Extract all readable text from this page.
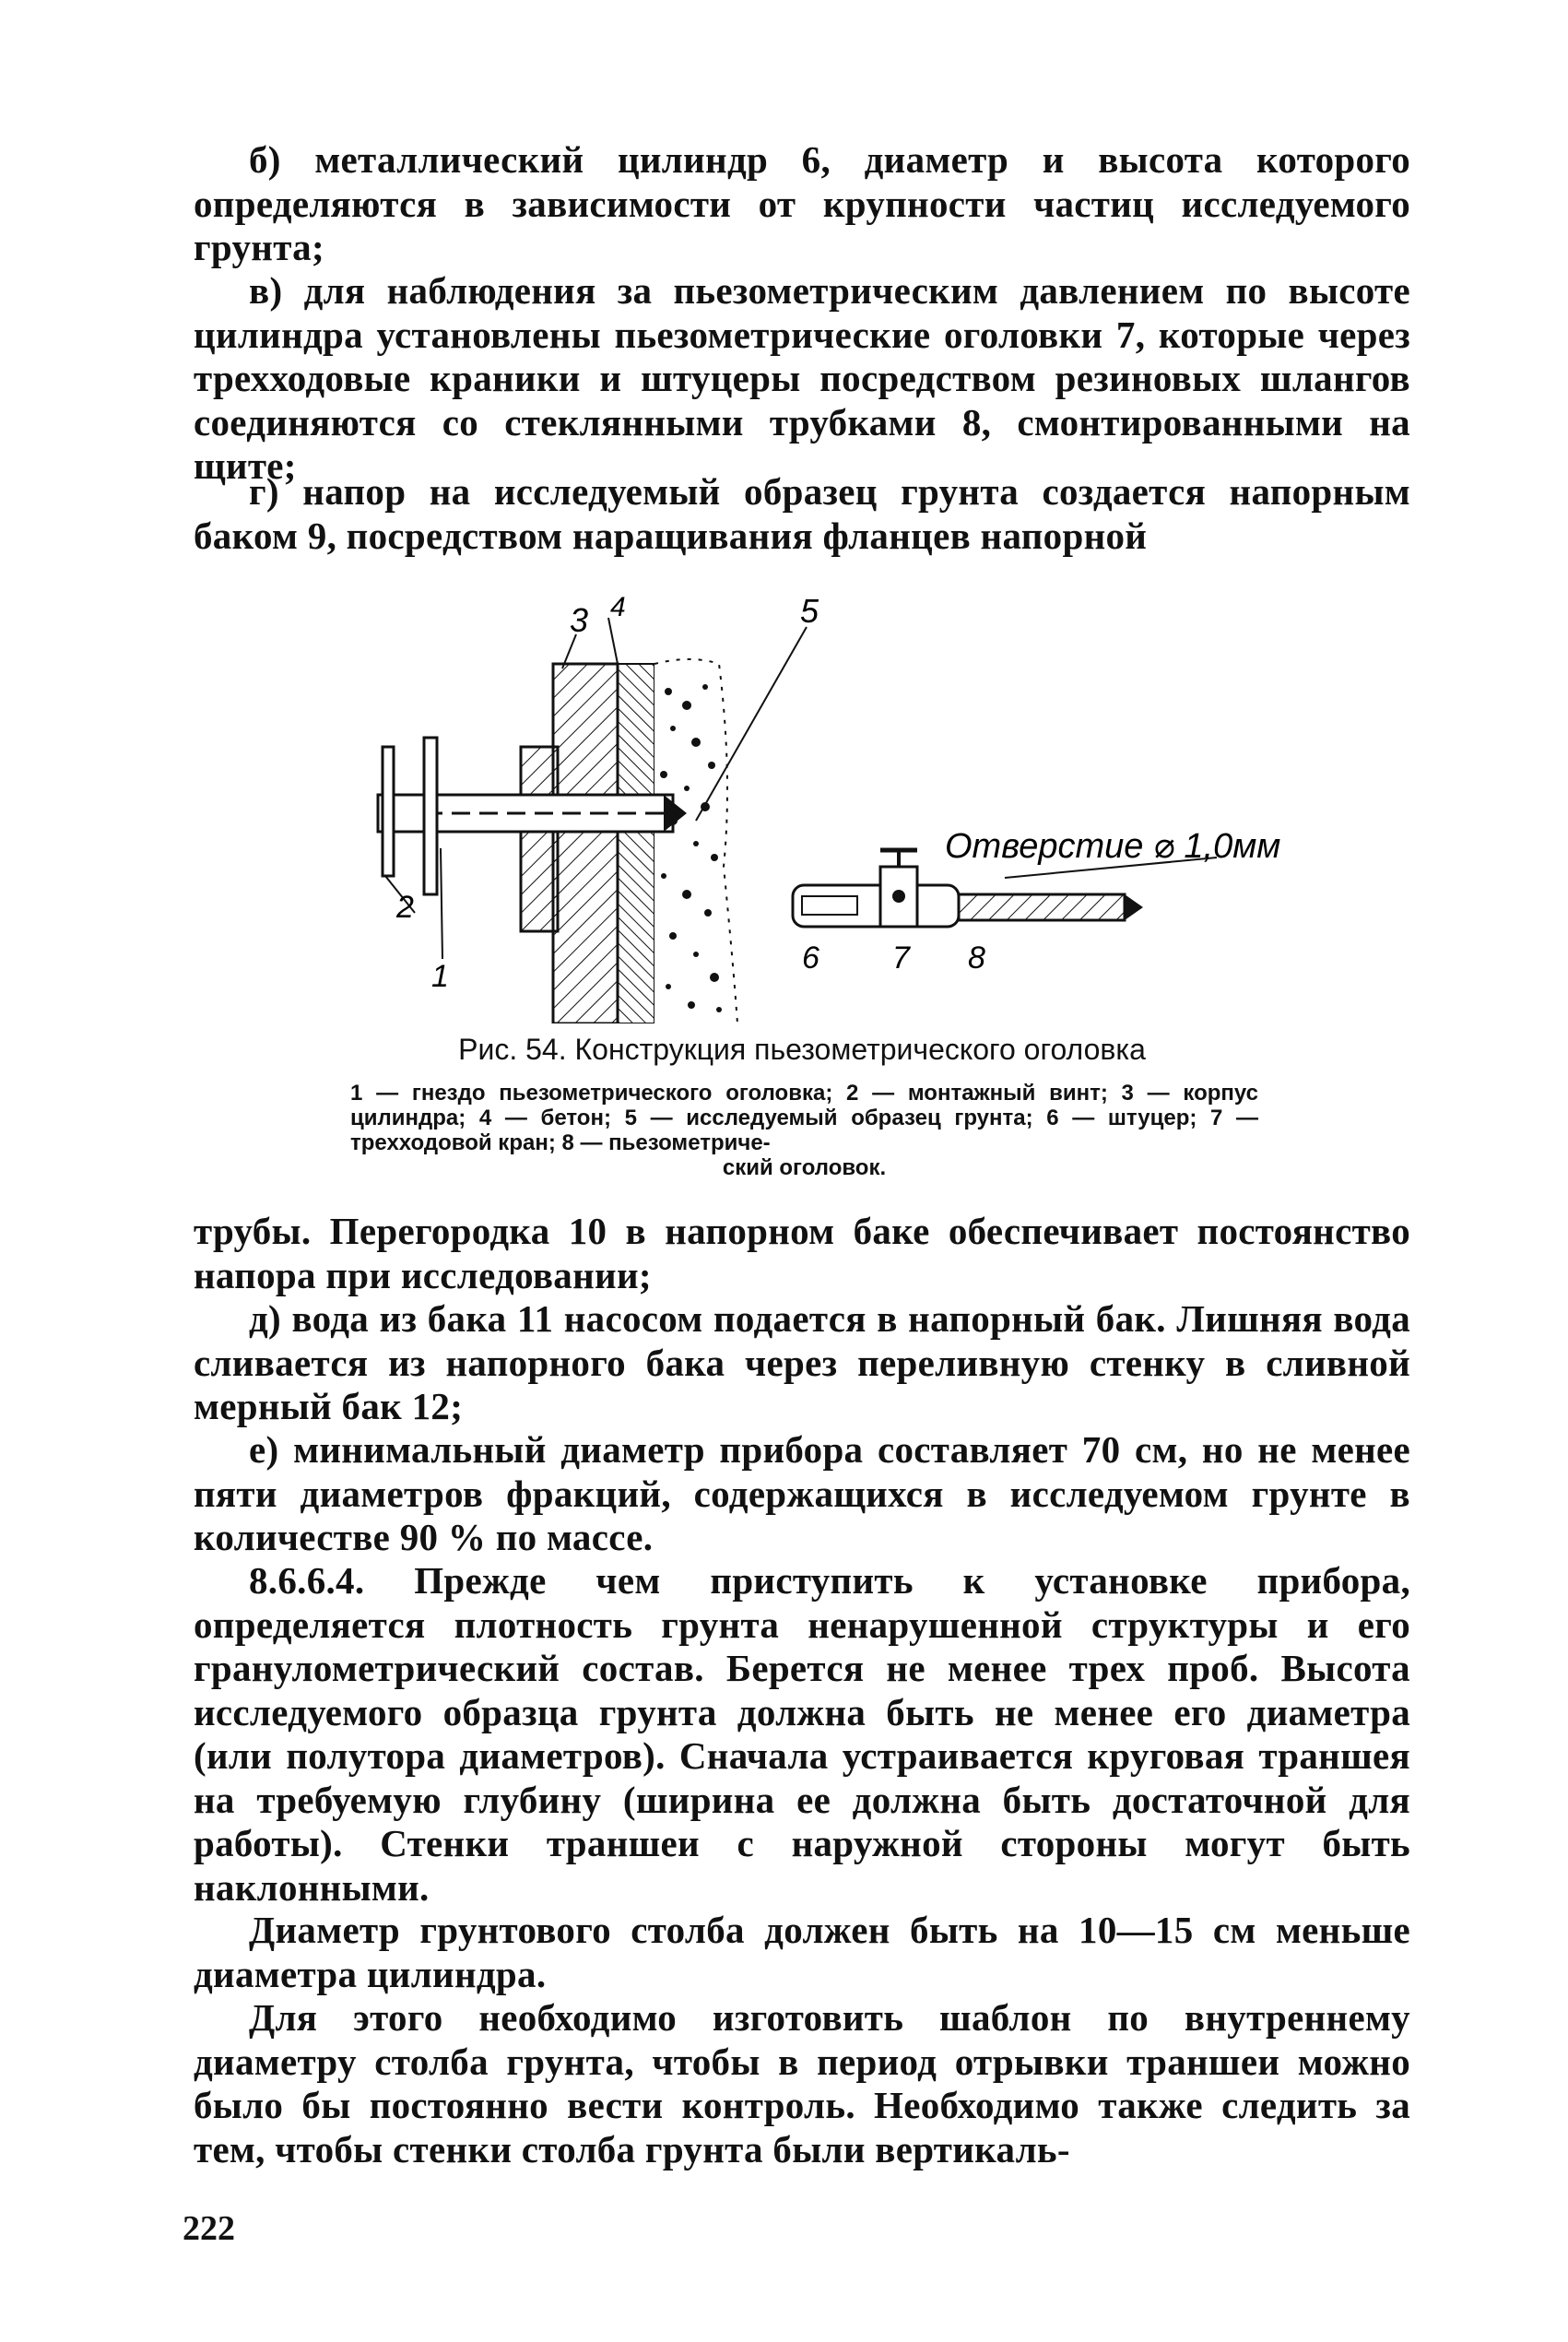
б) металлический цилиндр 6, диаметр и высота которого определяются в зависимости от крупности частиц исследуемого грунта;
в) для наблюдения за пьезометрическим давлением по высоте цилиндра установлены пьезометрические оголовки 7, которые через трехходовые краники и штуцеры посредством резиновых шлангов соединяются со стеклянными трубками 8, смонтированными на щите;
г) напор на исследуемый образец грунта создается напорным баком 9, посредством наращивания фланцев напорной
3 4	5
2
1
6 7 8
Отверстие ⌀ 1,0мм
Рис. 54. Конструкция пьезометрического оголовка
1 — гнездо пьезометрического оголовка; 2 — монтажный винт; 3 — корпус цилиндра; 4 — бетон; 5 — исследуемый образец грунта; 6 — штуцер; 7 — трехходовой кран; 8 — пьезометриче-
ский оголовок.
трубы. Перегородка 10 в напорном баке обеспечивает постоянство напора при исследовании;
д) вода из бака 11 насосом подается в напорный бак. Лишняя вода сливается из напорного бака через переливную стенку в сливной мерный бак 12;
е) минимальный диаметр прибора составляет 70 см, но не менее пяти диаметров фракций, содержащихся в исследуемом грунте в количестве 90 % по массе.
8.6.6.4. Прежде чем приступить к установке прибора, определяется плотность грунта ненарушенной структуры и его гранулометрический состав. Берется не менее трех проб. Высота исследуемого образца грунта должна быть не менее его диаметра (или полутора диаметров). Сначала устраивается круговая траншея на требуемую глубину (ширина ее должна быть достаточной для работы). Стенки траншеи с наружной стороны могут быть наклонными.
Диаметр грунтового столба должен быть на 10—15 см меньше диаметра цилиндра.
Для этого необходимо изготовить шаблон по внутреннему диаметру столба грунта, чтобы в период отрывки траншеи можно было бы постоянно вести контроль. Необходимо также следить за тем, чтобы стенки столба грунта были вертикаль-
222
